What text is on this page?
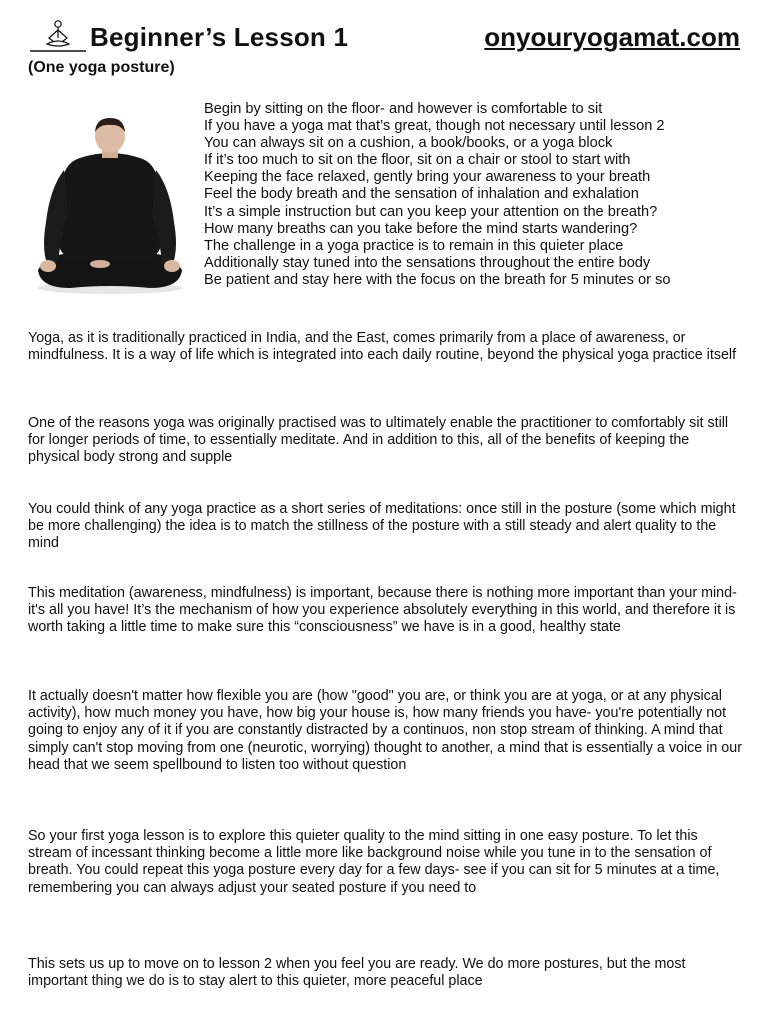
Beginner’s Lesson 1	onyouryogamat.com
(One yoga posture)
Begin by sitting on the floor- and however is comfortable to sit
If you have a yoga mat that’s great, though not necessary until lesson 2
You can always sit on a cushion, a book/books, or a yoga block
If it’s too much to sit on the floor, sit on a chair or stool to start with
Keeping the face relaxed, gently bring your awareness to your breath
Feel the body breath and the sensation of inhalation and exhalation
It’s a simple instruction but can you keep your attention on the breath?
How many breaths can you take before the mind starts wandering?
The challenge in a yoga practice is to remain in this quieter place
Additionally stay tuned into the sensations throughout the entire body
Be patient and stay here with the focus on the breath for 5 minutes or so

Yoga, as it is traditionally practiced in India, and the East, comes primarily from a place of awareness, or mindfulness. It is a way of life which is integrated into each daily routine, beyond the physical yoga practice itself

One of the reasons yoga was originally practised was to ultimately enable the practitioner to comfortably sit still for longer periods of time, to essentially meditate. And in addition to this, all of the benefits of keeping the physical body strong and supple

You could think of any yoga practice as a short series of meditations: once still in the posture (some which might be more challenging) the idea is to match the stillness of the posture with a still steady and alert quality to the mind

This meditation (awareness, mindfulness) is important, because there is nothing more important than your mind- it's all you have! It’s the mechanism of how you experience absolutely everything in this world, and therefore it is worth taking a little time to make sure this “consciousness” we have is in a good, healthy state

It actually doesn't matter how flexible you are (how "good" you are, or think you are at yoga, or at any physical activity), how much money you have, how big your house is, how many friends you have- you're potentially not going to enjoy any of it if you are constantly distracted by a continuos, non stop stream of thinking. A mind that simply can't stop moving from one (neurotic, worrying) thought to another, a mind that is essentially a voice in our head that we seem spellbound to listen too without question

So your first yoga lesson is to explore this quieter quality to the mind sitting in one easy posture. To let this stream of incessant thinking become a little more like background noise while you tune in to the sensation of breath. You could repeat this yoga posture every day for a few days- see if you can sit for 5 minutes at a time, remembering you can always adjust your seated posture if you need to

This sets us up to move on to lesson 2 when you feel you are ready. We do more postures, but the most important thing we do is to stay alert to this quieter, more peaceful place
